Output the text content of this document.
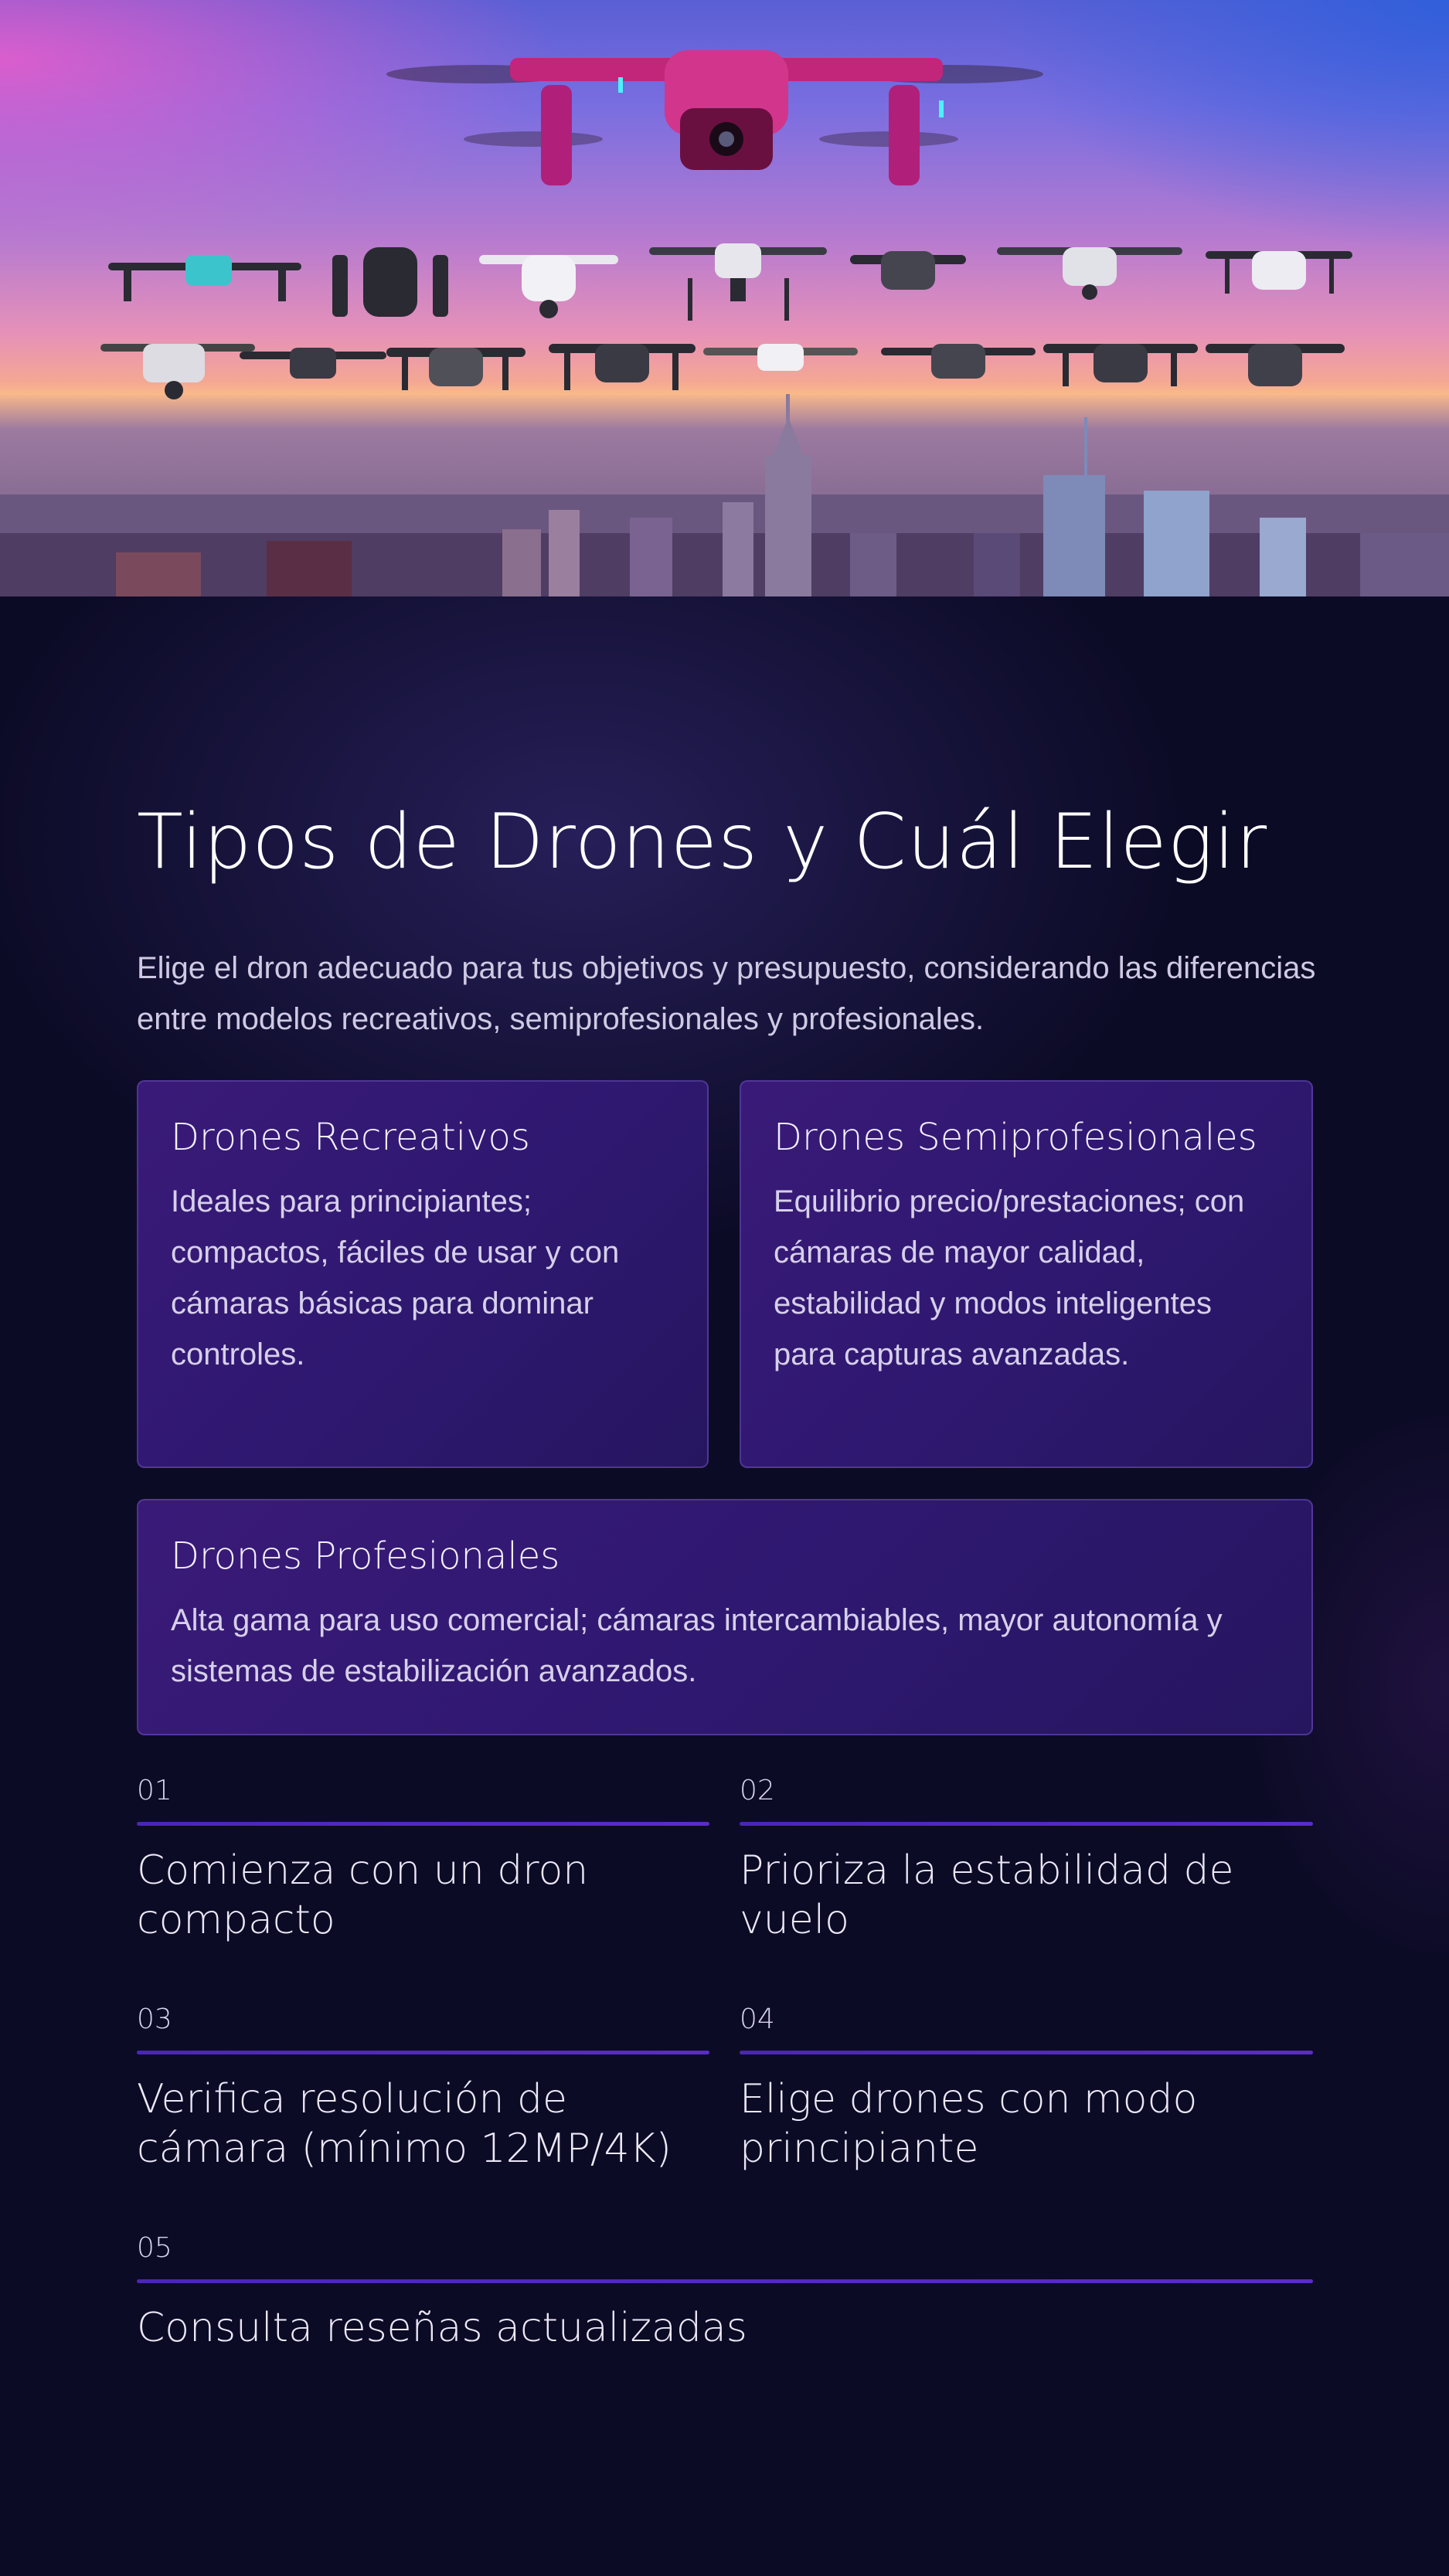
Tipos de Drones y Cuál Elegir

Elige el dron adecuado para tus objetivos y presupuesto, considerando las diferencias entre modelos recreativos, semiprofesionales y profesionales.

Drones Recreativos

Ideales para principiantes; compactos, fáciles de usar y con cámaras básicas para dominar controles.

Drones Semiprofesionales

Equilibrio precio/prestaciones; con cámaras de mayor calidad, estabilidad y modos inteligentes para capturas avanzadas.

Drones Profesionales

Alta gama para uso comercial; cámaras intercambiables, mayor autonomía y sistemas de estabilización avanzados.

01
Comienza con un dron compacto
02
Prioriza la estabilidad de vuelo
03
Verifica resolución de cámara (mínimo 12MP/4K)
04
Elige drones con modo principiante
05
Consulta reseñas actualizadas
